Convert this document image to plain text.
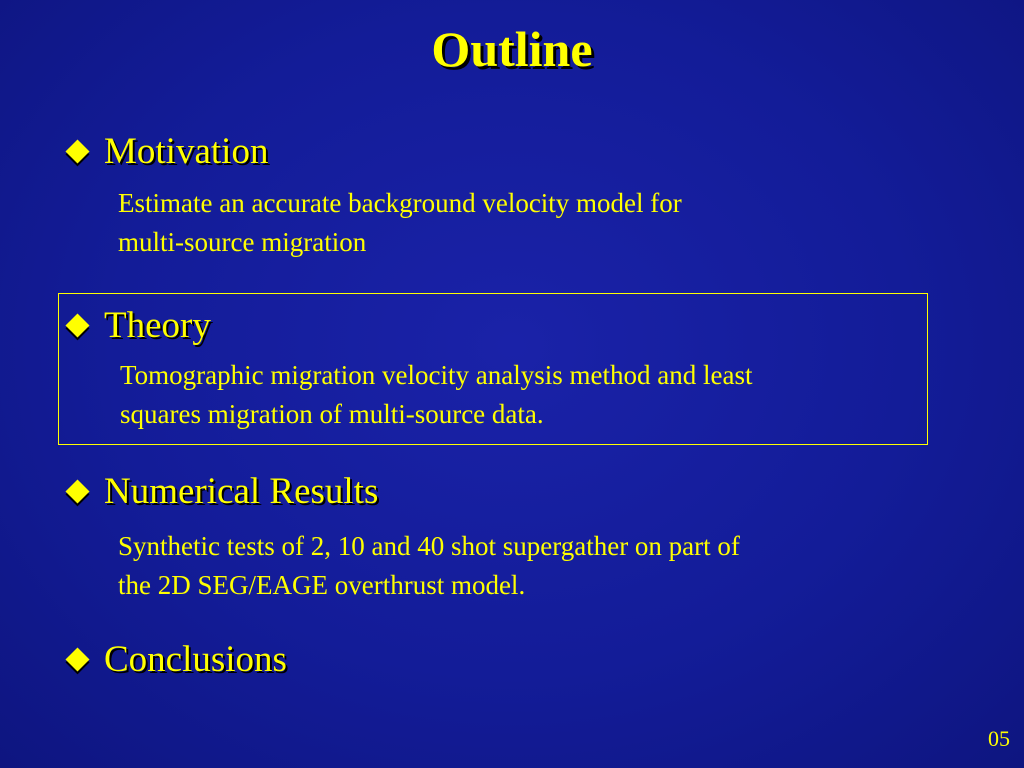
Outline
Motivation
Estimate an accurate background velocity model for
multi-source migration
Theory
Tomographic migration velocity analysis method and least
squares migration of multi-source data.
Numerical Results
Synthetic tests of 2, 10 and 40 shot supergather on part of
the 2D SEG/EAGE overthrust model.
Conclusions
05
